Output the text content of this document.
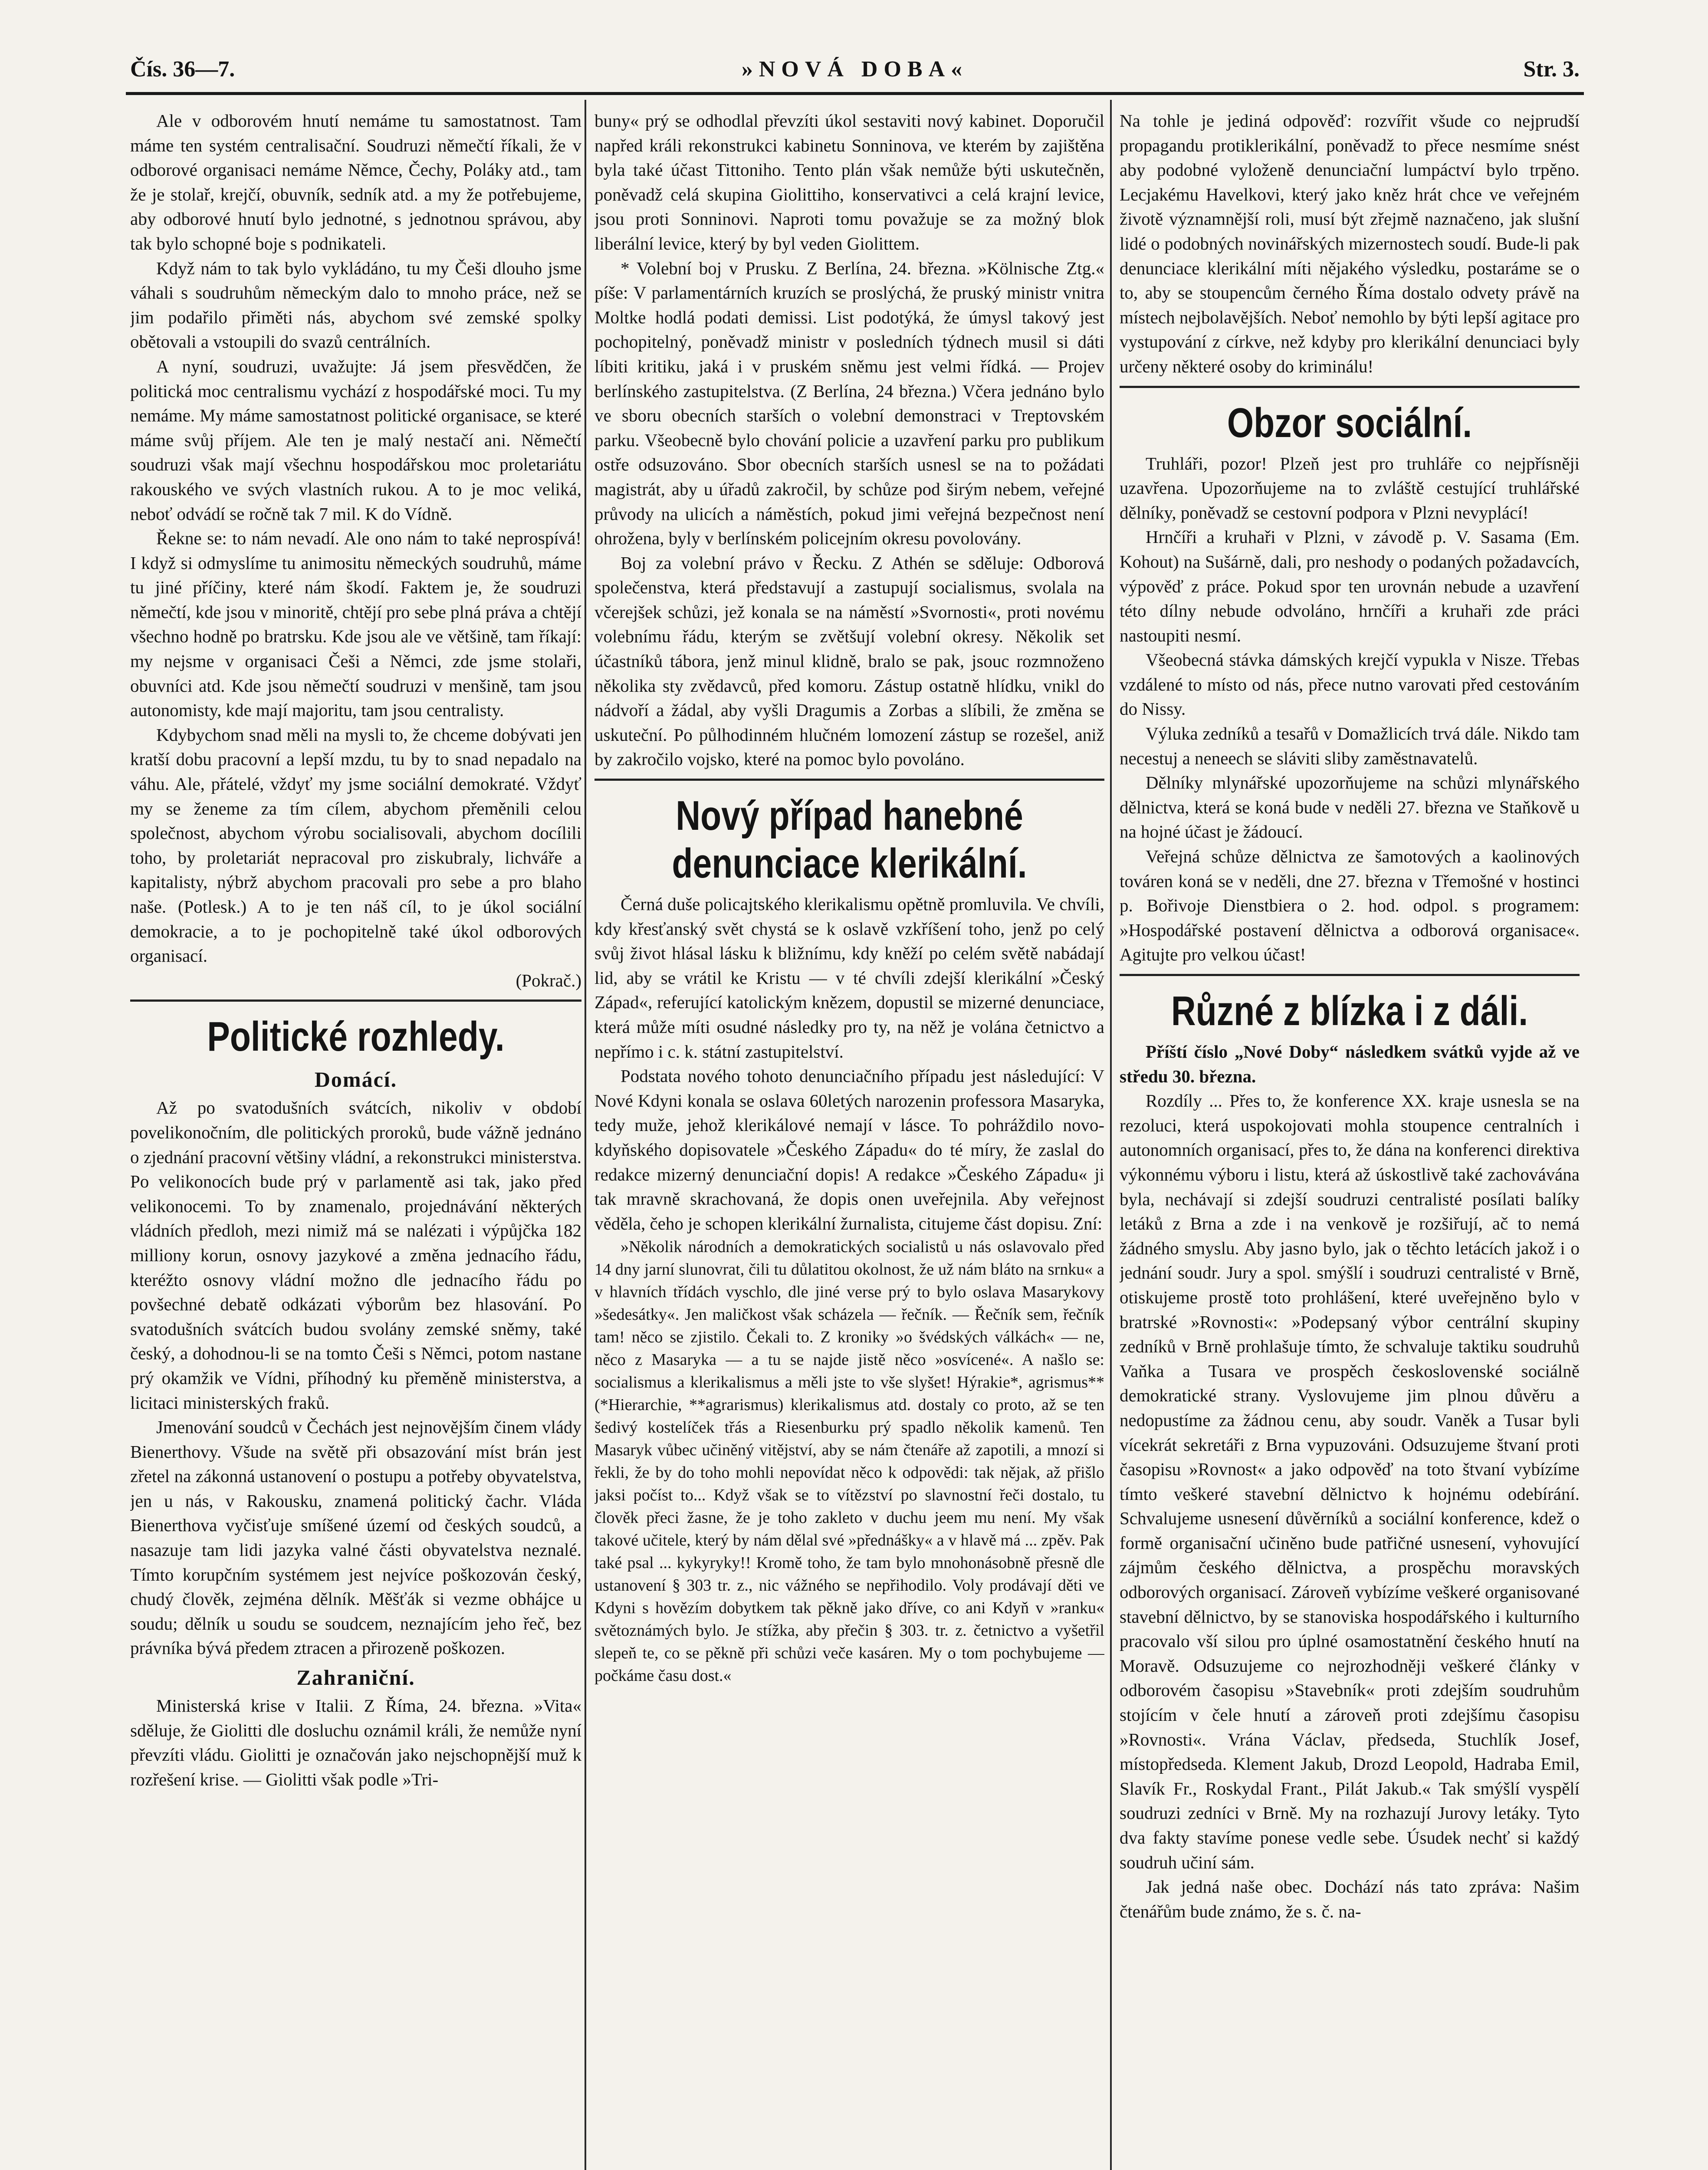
Čís. 36—7.	»NOVÁ DOBA«	Str. 3.

Ale v odborovém hnutí nemáme tu samostatnost. Tam máme ten systém centralisační. Soudruzi němečtí říkali, že v odborové organisaci nemáme Němce, Čechy, Poláky atd., tam že je stolař, krejčí, obuvník, sedník atd. a my že potřebujeme, aby odborové hnutí bylo jednotné, s jednotnou správou, aby tak bylo schopné boje s podnikateli.

Když nám to tak bylo vykládáno, tu my Češi dlouho jsme váhali s soudruhům německým dalo to mnoho práce, než se jim podařilo přiměti nás, abychom své zemské spolky obětovali a vstoupili do svazů centrálních.

A nyní, soudruzi, uvažujte: Já jsem přesvědčen, že politická moc centralismu vychází z hospodářské moci. Tu my nemáme. My máme samostatnost politické organisace, se které máme svůj příjem. Ale ten je malý nestačí ani. Němečtí soudruzi však mají všechnu hospodářskou moc proletariátu rakouského ve svých vlastních rukou. A to je moc veliká, neboť odvádí se ročně tak 7 mil. K do Vídně.

Řekne se: to nám nevadí. Ale ono nám to také neprospívá! I když si odmyslíme tu animositu německých soudruhů, máme tu jiné příčiny, které nám škodí. Faktem je, že soudruzi němečtí, kde jsou v minoritě, chtějí pro sebe plná práva a chtějí všechno hodně po bratrsku. Kde jsou ale ve většině, tam říkají: my nejsme v organisaci Češi a Němci, zde jsme stolaři, obuvníci atd. Kde jsou němečtí soudruzi v menšině, tam jsou autonomisty, kde mají majoritu, tam jsou centralisty.

Kdybychom snad měli na mysli to, že chceme dobývati jen kratší dobu pracovní a lepší mzdu, tu by to snad nepadalo na váhu. Ale, přátelé, vždyť my jsme sociální demokraté. Vždyť my se ženeme za tím cílem, abychom přeměnili celou společnost, abychom výrobu socialisovali, abychom docílili toho, by proletariát nepracoval pro ziskubraly, lichváře a kapitalisty, nýbrž abychom pracovali pro sebe a pro blaho naše. (Potlesk.) A to je ten náš cíl, to je úkol sociální demokracie, a to je pochopitelně také úkol odborových organisací.

(Pokrač.)

Politické rozhledy.
Domácí.

Až po svatodušních svátcích, nikoliv v období povelikonočním, dle politických proroků, bude vážně jednáno o zjednání pracovní většiny vládní, a rekonstrukci ministerstva. Po velikonocích bude prý v parlamentě asi tak, jako před velikonocemi. To by znamenalo, projednávání některých vládních předloh, mezi nimiž má se nalézati i výpůjčka 182 milliony korun, osnovy jazykové a změna jednacího řádu, kteréžto osnovy vládní možno dle jednacího řádu po povšechné debatě odkázati výborům bez hlasování. Po svatodušních svátcích budou svolány zemské sněmy, také český, a dohodnou-li se na tomto Češi s Němci, potom nastane prý okamžik ve Vídni, příhodný ku přeměně ministerstva, a licitaci ministerských fraků.

Jmenování soudců v Čechách jest nejnovějším činem vlády Bienerthovy. Všude na světě při obsazování míst brán jest zřetel na zákonná ustanovení o postupu a potřeby obyvatelstva, jen u nás, v Rakousku, znamená politický čachr. Vláda Bienerthova vyčisťuje smíšené území od českých soudců, a nasazuje tam lidi jazyka valné části obyvatelstva neznalé. Tímto korupčním systémem jest nejvíce poškozován český, chudý člověk, zejména dělník. Měšťák si vezme obhájce u soudu; dělník u soudu se soudcem, neznajícím jeho řeč, bez právníka bývá předem ztracen a přirozeně poškozen.

Zahraniční.

Ministerská krise v Italii. Z Říma, 24. března. »Vita« sděluje, že Giolitti dle dosluchu oznámil králi, že nemůže nyní převzíti vládu. Giolitti je označován jako nejschopnější muž k rozřešení krise. — Giolitti však podle »Tri-

buny« prý se odhodlal převzíti úkol sestaviti nový kabinet. Doporučil napřed králi rekonstrukci kabinetu Sonninova, ve kterém by zajištěna byla také účast Tittoniho. Tento plán však nemůže býti uskutečněn, poněvadž celá skupina Giolittiho, konservativci a celá krajní levice, jsou proti Sonninovi. Naproti tomu považuje se za možný blok liberální levice, který by byl veden Giolittem.

* Volební boj v Prusku. Z Berlína, 24. března. »Kölnische Ztg.« píše: V parlamentárních kruzích se proslýchá, že pruský ministr vnitra Moltke hodlá podati demissi. List podotýká, že úmysl takový jest pochopitelný, poněvadž ministr v posledních týdnech musil si dáti líbiti kritiku, jaká i v pruském sněmu jest velmi řídká. — Projev berlínského zastupitelstva. (Z Berlína, 24 března.) Včera jednáno bylo ve sboru obecních starších o volební demonstraci v Treptovském parku. Všeobecně bylo chování policie a uzavření parku pro publikum ostře odsuzováno. Sbor obecních starších usnesl se na to požádati magistrát, aby u úřadů zakročil, by schůze pod širým nebem, veřejné průvody na ulicích a náměstích, pokud jimi veřejná bezpečnost není ohrožena, byly v berlínském policejním okresu povolovány.

Boj za volební právo v Řecku. Z Athén se sděluje: Odborová společenstva, která představují a zastupují socialismus, svolala na včerejšek schůzi, jež konala se na náměstí »Svornosti«, proti novému volebnímu řádu, kterým se zvětšují volební okresy. Několik set účastníků tábora, jenž minul klidně, bralo se pak, jsouc rozmnoženo několika sty zvědavců, před komoru. Zástup ostatně hlídku, vnikl do nádvoří a žádal, aby vyšli Dragumis a Zorbas a slíbili, že změna se uskuteční. Po půlhodinném hlučném lomození zástup se rozešel, aniž by zakročilo vojsko, které na pomoc bylo povoláno.

Nový případ hanebné denunciace klerikální.

Černá duše policajtského klerikalismu opětně promluvila. Ve chvíli, kdy křesťanský svět chystá se k oslavě vzkříšení toho, jenž po celý svůj život hlásal lásku k bližnímu, kdy kněží po celém světě nabádají lid, aby se vrátil ke Kristu — v té chvíli zdejší klerikální »Český Západ«, referující katolickým knězem, dopustil se mizerné denunciace, která může míti osudné následky pro ty, na něž je volána četnictvo a nepřímo i c. k. státní zastupitelství.

Podstata nového tohoto denunciačního případu jest následující: V Nové Kdyni konala se oslava 60letých narozenin professora Masaryka, tedy muže, jehož klerikálové nemají v lásce. To pohráždilo novo-kdyňského dopisovatele »Českého Západu« do té míry, že zaslal do redakce mizerný denunciační dopis! A redakce »Českého Západu« ji tak mravně skrachovaná, že dopis onen uveřejnila. Aby veřejnost věděla, čeho je schopen klerikální žurnalista, citujeme část dopisu. Zní:

»Několik národních a demokratických socialistů u nás oslavovalo před 14 dny jarní slunovrat, čili tu důlatitou okolnost, že už nám bláto na srnku« a v hlavních třídách vyschlo, dle jiné verse prý to bylo oslava Masarykovy »šedesátky«. Jen maličkost však scházela — řečník. — Řečník sem, řečník tam! něco se zjistilo. Čekali to. Z kroniky »o švédských válkách« — ne, něco z Masaryka — a tu se najde jistě něco »osvícené«. A našlo se: socialismus a klerikalismus a měli jste to vše slyšet! Hýrakie*, agrismus** (*Hierarchie, **agrarismus) klerikalismus atd. dostaly co proto, až se ten šedivý kostelíček třás a Riesenburku prý spadlo několik kamenů. Ten Masaryk vůbec učiněný vitějství, aby se nám čtenáře až zapotili, a mnozí si řekli, že by do toho mohli nepovídat něco k odpovědi: tak nějak, až přišlo jaksi počíst to... Když však se to vítězství po slavnostní řeči dostalo, tu člověk přeci žasne, že je toho zakleto v duchu jeem mu není. My však takové učitele, který by nám dělal své »přednášky« a v hlavě má ... zpěv. Pak také psal ... kykyryky!! Kromě toho, že tam bylo mnohonásobně přesně dle ustanovení § 303 tr. z., nic vážného se nepřihodilo. Voly prodávají děti ve Kdyni s hovězím dobytkem tak pěkně jako dříve, co ani Kdyň v »ranku« světoznámých bylo. Je stížka, aby přečin § 303. tr. z. četnictvo a vyšetřil slepeň te, co se pěkně při schůzi veče kasáren. My o tom pochybujeme — počkáme času dost.«

Na tohle je jediná odpověď: rozvířit všude co nejprudší propagandu protiklerikální, poněvadž to přece nesmíme snést aby podobné vyloženě denunciační lumpáctví bylo trpěno. Lecjakému Havelkovi, který jako kněz hrát chce ve veřejném životě významnější roli, musí být zřejmě naznačeno, jak slušní lidé o podobných novinářských mizernostech soudí. Bude-li pak denunciace klerikální míti nějakého výsledku, postaráme se o to, aby se stoupencům černého Říma dostalo odvety právě na místech nejbolavějších. Neboť nemohlo by býti lepší agitace pro vystupování z církve, než kdyby pro klerikální denunciaci byly určeny některé osoby do kriminálu!

Obzor sociální.

Truhláři, pozor! Plzeň jest pro truhláře co nejpřísněji uzavřena. Upozorňujeme na to zvláště cestující truhlářské dělníky, poněvadž se cestovní podpora v Plzni nevyplácí!

Hrnčíři a kruhaři v Plzni, v závodě p. V. Sasama (Em. Kohout) na Sušárně, dali, pro neshody o podaných požadavcích, výpověď z práce. Pokud spor ten urovnán nebude a uzavření této dílny nebude odvoláno, hrnčíři a kruhaři zde práci nastoupiti nesmí.

Všeobecná stávka dámských krejčí vypukla v Nisze. Třebas vzdálené to místo od nás, přece nutno varovati před cestováním do Nissy.

Výluka zedníků a tesařů v Domažlicích trvá dále. Nikdo tam necestuj a neneech se sláviti sliby zaměstnavatelů.

Dělníky mlynářské upozorňujeme na schůzi mlynářského dělnictva, která se koná bude v neděli 27. března ve Staňkově u na hojné účast je žádoucí.

Veřejná schůze dělnictva ze šamotových a kaolinových továren koná se v neděli, dne 27. března v Třemošné v hostinci p. Bořivoje Dienstbiera o 2. hod. odpol. s programem: »Hospodářské postavení dělnictva a odborová organisace«. Agitujte pro velkou účast!

Různé z blízka i z dáli.

Příští číslo „Nové Doby“ následkem svátků vyjde až ve středu 30. března.

Rozdíly ... Přes to, že konference XX. kraje usnesla se na rezoluci, která uspokojovati mohla stoupence centralních i autonomních organisací, přes to, že dána na konferenci direktiva výkonnému výboru i listu, která až úskostlivě také zachovávána byla, nechávají si zdejší soudruzi centralisté posílati balíky letáků z Brna a zde i na venkově je rozšiřují, ač to nemá žádného smyslu. Aby jasno bylo, jak o těchto letácích jakož i o jednání soudr. Jury a spol. smýšlí i soudruzi centralisté v Brně, otiskujeme prostě toto prohlášení, které uveřejněno bylo v bratrské »Rovnosti«: »Podepsaný výbor centrální skupiny zedníků v Brně prohlašuje tímto, že schvaluje taktiku soudruhů Vaňka a Tusara ve prospěch československé sociálně demokratické strany. Vyslovujeme jim plnou důvěru a nedopustíme za žádnou cenu, aby soudr. Vaněk a Tusar byli vícekrát sekretáři z Brna vypuzováni. Odsuzujeme štvaní proti časopisu »Rovnost« a jako odpověď na toto štvaní vybízíme tímto veškeré stavební dělnictvo k hojnému odebírání. Schvalujeme usnesení důvěrníků a sociální konference, kdež o formě organisační učiněno bude patřičné usnesení, vyhovující zájmům českého dělnictva, a prospěchu moravských odborových organisací. Zároveň vybízíme veškeré organisované stavební dělnictvo, by se stanoviska hospodářského i kulturního pracovalo vší silou pro úplné osamostatnění českého hnutí na Moravě. Odsuzujeme co nejrozhodněji veškeré články v odborovém časopisu »Stavebník« proti zdejším soudruhům stojícím v čele hnutí a zároveň proti zdejšímu časopisu »Rovnosti«. Vrána Václav, předseda, Stuchlík Josef, místopředseda. Klement Jakub, Drozd Leopold, Hadraba Emil, Slavík Fr., Roskydal Frant., Pilát Jakub.« Tak smýšlí vyspělí soudruzi zedníci v Brně. My na rozhazují Jurovy letáky. Tyto dva fakty stavíme ponese vedle sebe. Úsudek nechť si každý soudruh učiní sám.

Jak jedná naše obec. Dochází nás tato zpráva: Našim čtenářům bude známo, že s. č. na-
